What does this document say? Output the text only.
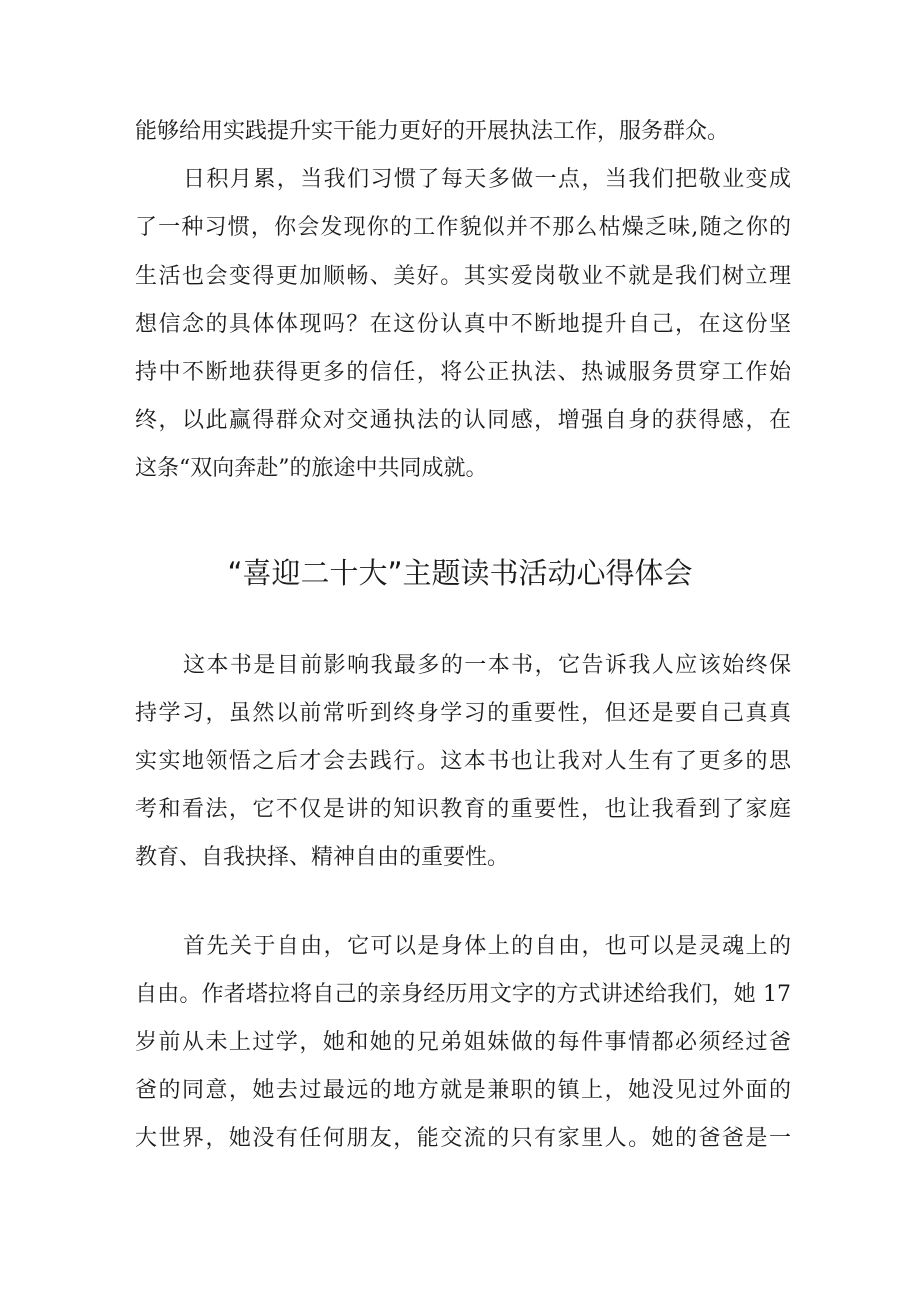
能够给用实践提升实干能力更好的开展执法工作，服务群众。
日积月累，当我们习惯了每天多做一点，当我们把敬业变成
了一种习惯，你会发现你的工作貌似并不那么枯燥乏味,随之你的
生活也会变得更加顺畅、美好。其实爱岗敬业不就是我们树立理
想信念的具体体现吗？在这份认真中不断地提升自己，在这份坚
持中不断地获得更多的信任，将公正执法、热诚服务贯穿工作始
终，以此赢得群众对交通执法的认同感，增强自身的获得感，在
这条“双向奔赴”的旅途中共同成就。
“喜迎二十大”主题读书活动心得体会
这本书是目前影响我最多的一本书，它告诉我人应该始终保
持学习，虽然以前常听到终身学习的重要性，但还是要自己真真
实实地领悟之后才会去践行。这本书也让我对人生有了更多的思
考和看法，它不仅是讲的知识教育的重要性，也让我看到了家庭
教育、自我抉择、精神自由的重要性。
首先关于自由，它可以是身体上的自由，也可以是灵魂上的
自由。作者塔拉将自己的亲身经历用文字的方式讲述给我们，她 17
岁前从未上过学，她和她的兄弟姐妹做的每件事情都必须经过爸
爸的同意，她去过最远的地方就是兼职的镇上，她没见过外面的
大世界，她没有任何朋友，能交流的只有家里人。她的爸爸是一
